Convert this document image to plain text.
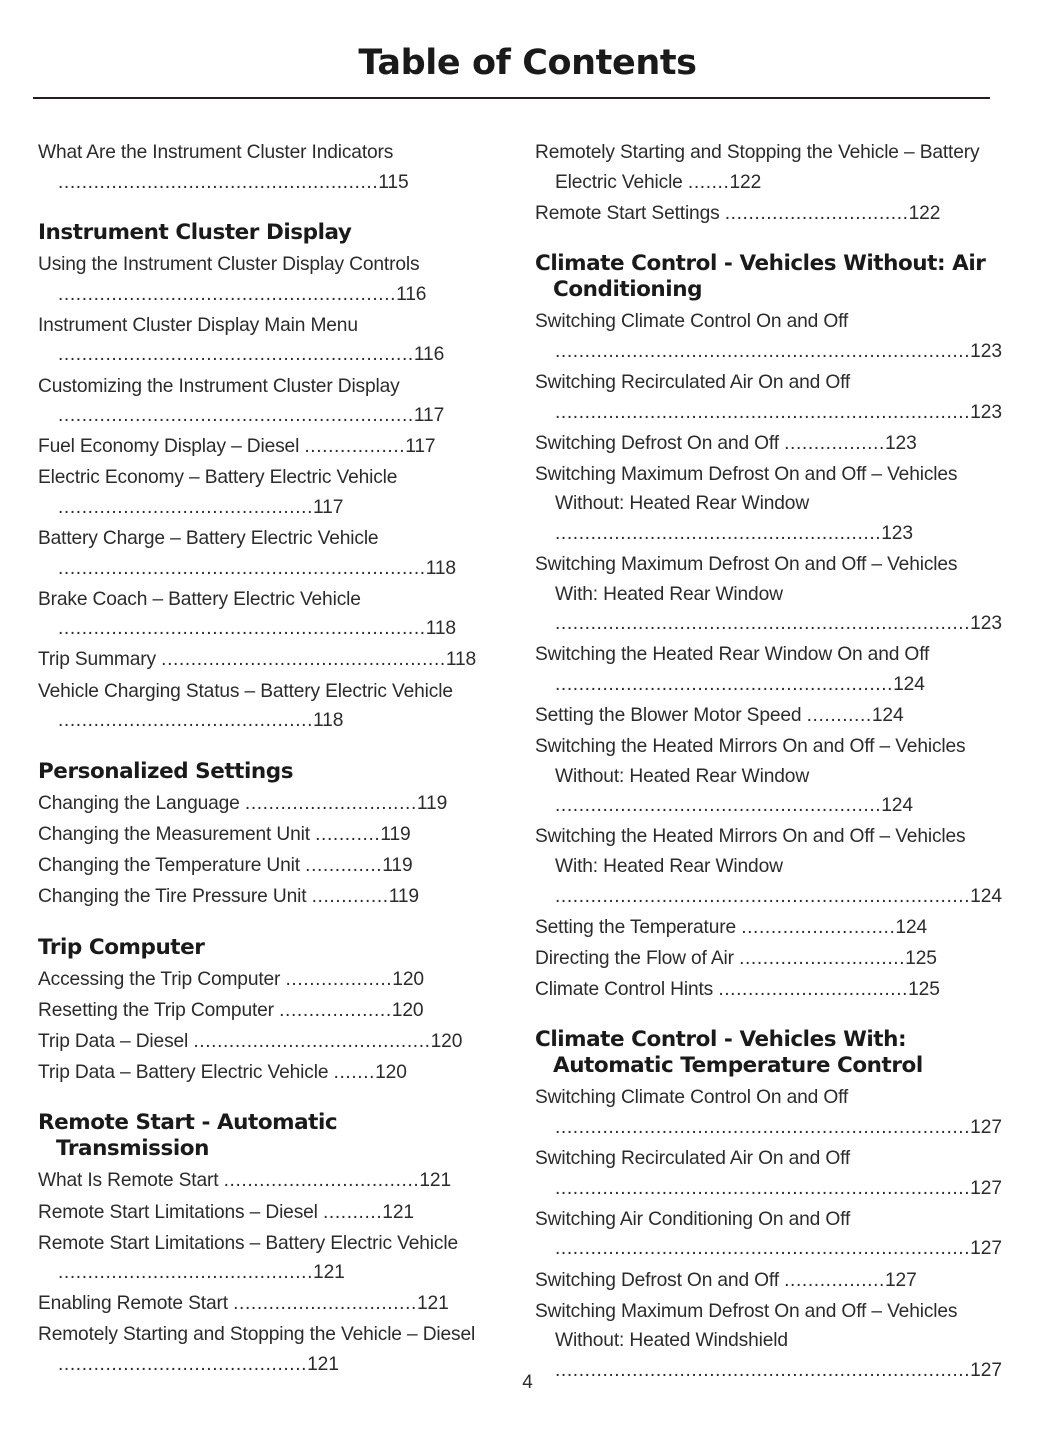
Table of Contents
What Are the Instrument Cluster Indicators ......................................................115
Instrument Cluster Display
Using the Instrument Cluster Display Controls .........................................................116
Instrument Cluster Display Main Menu ............................................................116
Customizing the Instrument Cluster Display ............................................................117
Fuel Economy Display – Diesel .................117
Electric Economy – Battery Electric Vehicle ...........................................117
Battery Charge – Battery Electric Vehicle ..............................................................118
Brake Coach – Battery Electric Vehicle ..............................................................118
Trip Summary ................................................118
Vehicle Charging Status – Battery Electric Vehicle ...........................................118
Personalized Settings
Changing the Language .............................119
Changing the Measurement Unit ...........119
Changing the Temperature Unit .............119
Changing the Tire Pressure Unit .............119
Trip Computer
Accessing the Trip Computer ..................120
Resetting the Trip Computer ...................120
Trip Data – Diesel ........................................120
Trip Data – Battery Electric Vehicle .......120
Remote Start - Automatic Transmission
What Is Remote Start .................................121
Remote Start Limitations – Diesel ..........121
Remote Start Limitations – Battery Electric Vehicle ...........................................121
Enabling Remote Start ...............................121
Remotely Starting and Stopping the Vehicle – Diesel ..........................................121
Remotely Starting and Stopping the Vehicle – Battery Electric Vehicle .......122
Remote Start Settings ...............................122
Climate Control - Vehicles Without: Air Conditioning
Switching Climate Control On and Off ......................................................................123
Switching Recirculated Air On and Off ......................................................................123
Switching Defrost On and Off .................123
Switching Maximum Defrost On and Off – Vehicles Without: Heated Rear Window .......................................................123
Switching Maximum Defrost On and Off – Vehicles With: Heated Rear Window ......................................................................123
Switching the Heated Rear Window On and Off .........................................................124
Setting the Blower Motor Speed ...........124
Switching the Heated Mirrors On and Off – Vehicles Without: Heated Rear Window .......................................................124
Switching the Heated Mirrors On and Off – Vehicles With: Heated Rear Window ......................................................................124
Setting the Temperature ..........................124
Directing the Flow of Air ............................125
Climate Control Hints ................................125
Climate Control - Vehicles With: Automatic Temperature Control
Switching Climate Control On and Off ......................................................................127
Switching Recirculated Air On and Off ......................................................................127
Switching Air Conditioning On and Off ......................................................................127
Switching Defrost On and Off .................127
Switching Maximum Defrost On and Off – Vehicles Without: Heated Windshield ......................................................................127
4
